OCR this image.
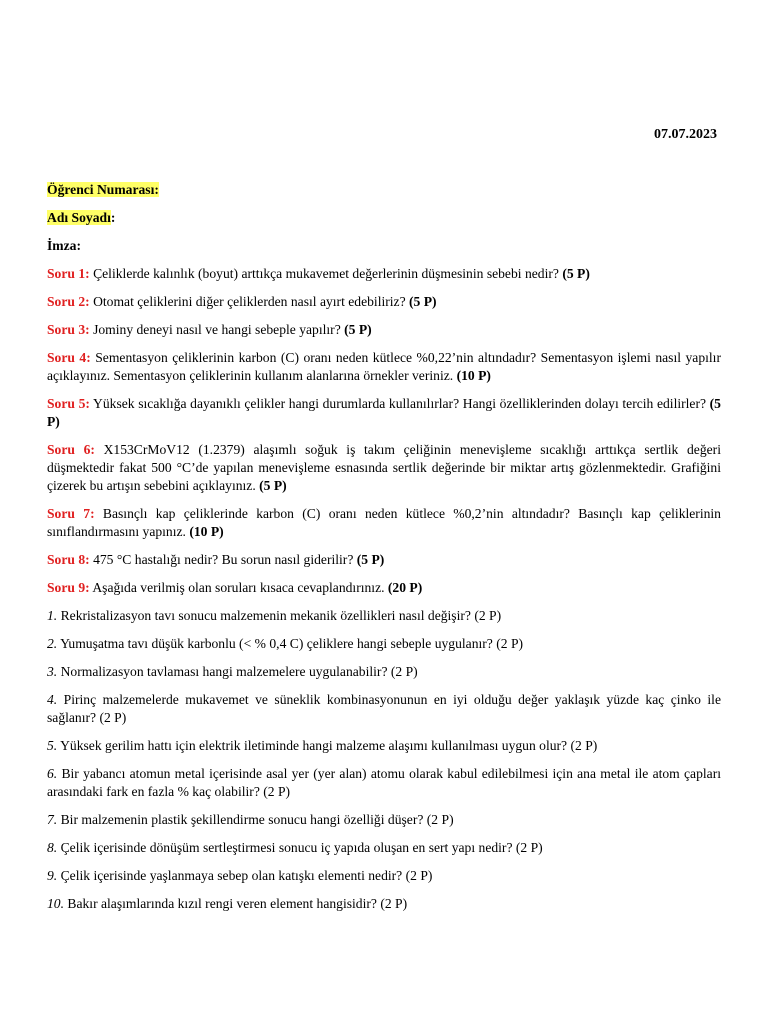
07.07.2023

Öğrenci Numarası:

Adı Soyadı:

İmza:

Soru 1: Çeliklerde kalınlık (boyut) arttıkça mukavemet değerlerinin düşmesinin sebebi nedir? (5 P)

Soru 2: Otomat çeliklerini diğer çeliklerden nasıl ayırt edebiliriz? (5 P)

Soru 3: Jominy deneyi nasıl ve hangi sebeple yapılır? (5 P)

Soru 4: Sementasyon çeliklerinin karbon (C) oranı neden kütlece %0,22’nin altındadır? Sementasyon işlemi nasıl yapılır açıklayınız. Sementasyon çeliklerinin kullanım alanlarına örnekler veriniz. (10 P)

Soru 5: Yüksek sıcaklığa dayanıklı çelikler hangi durumlarda kullanılırlar? Hangi özelliklerinden dolayı tercih edilirler? (5 P)

Soru 6: X153CrMoV12 (1.2379) alaşımlı soğuk iş takım çeliğinin menevişleme sıcaklığı arttıkça sertlik değeri düşmektedir fakat 500 °C’de yapılan menevişleme esnasında sertlik değerinde bir miktar artış gözlenmektedir. Grafiğini çizerek bu artışın sebebini açıklayınız. (5 P)

Soru 7: Basınçlı kap çeliklerinde karbon (C) oranı neden kütlece %0,2’nin altındadır? Basınçlı kap çeliklerinin sınıflandırmasını yapınız. (10 P)

Soru 8: 475 °C hastalığı nedir? Bu sorun nasıl giderilir? (5 P)

Soru 9: Aşağıda verilmiş olan soruları kısaca cevaplandırınız. (20 P)

1. Rekristalizasyon tavı sonucu malzemenin mekanik özellikleri nasıl değişir? (2 P)

2. Yumuşatma tavı düşük karbonlu (< % 0,4 C) çeliklere hangi sebeple uygulanır? (2 P)

3. Normalizasyon tavlaması hangi malzemelere uygulanabilir? (2 P)

4. Pirinç malzemelerde mukavemet ve süneklik kombinasyonunun en iyi olduğu değer yaklaşık yüzde kaç çinko ile sağlanır? (2 P)

5. Yüksek gerilim hattı için elektrik iletiminde hangi malzeme alaşımı kullanılması uygun olur? (2 P)

6. Bir yabancı atomun metal içerisinde asal yer (yer alan) atomu olarak kabul edilebilmesi için ana metal ile atom çapları arasındaki fark en fazla % kaç olabilir? (2 P)

7. Bir malzemenin plastik şekillendirme sonucu hangi özelliği düşer? (2 P)

8. Çelik içerisinde dönüşüm sertleştirmesi sonucu iç yapıda oluşan en sert yapı nedir? (2 P)

9. Çelik içerisinde yaşlanmaya sebep olan katışkı elementi nedir? (2 P)

10. Bakır alaşımlarında kızıl rengi veren element hangisidir? (2 P)
